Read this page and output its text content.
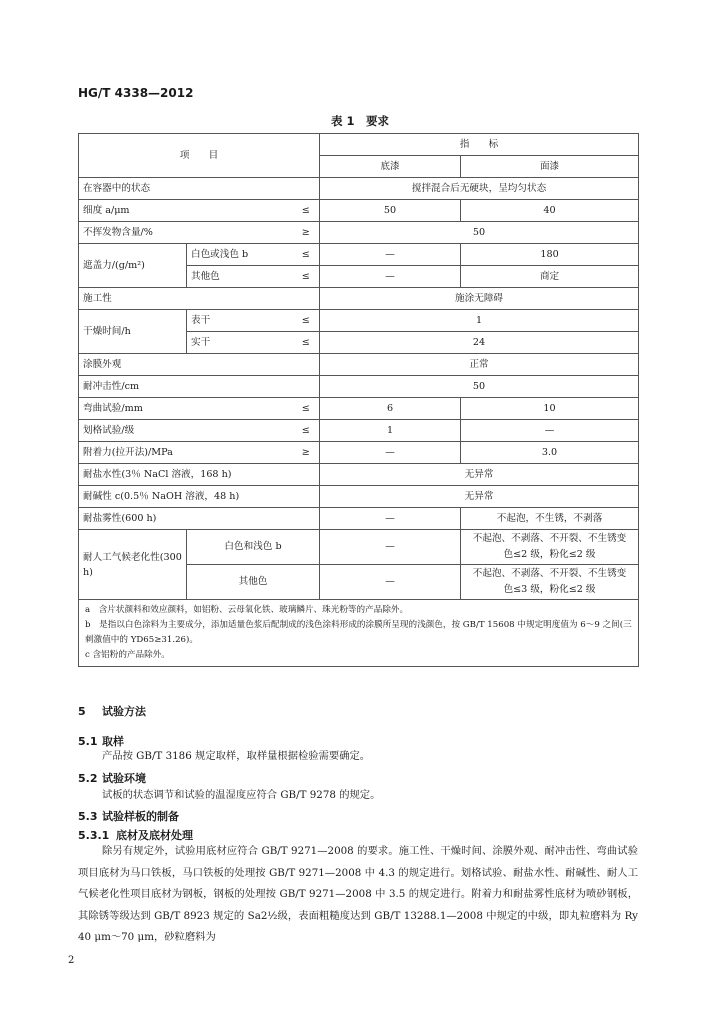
HG/T 4338—2012
表 1　要求
项　　目			指　　标	
			底漆	面漆
在容器中的状态			搅拌混合后无硬块，呈均匀状态	
细度 a/μm		≤	50	40
不挥发物含量/%		≥	50	
遮盖力/(g/m²)	白色或浅色 b	≤	—	180
	其他色	≤	—	商定
施工性			施涂无障碍	
干燥时间/h	表干	≤	1	
	实干	≤	24	
涂膜外观			正常	
耐冲击性/cm			50	
弯曲试验/mm		≤	6	10
划格试验/级		≤	1	—
附着力(拉开法)/MPa		≥	—	3.0
耐盐水性(3％ NaCl 溶液，168 h)			无异常	
耐碱性 c(0.5％ NaOH 溶液，48 h)			无异常	
耐盐雾性(600 h)			—	不起泡，不生锈，不剥落
耐人工气候老化性(300 h)	白色和浅色 b		—	不起泡、不剥落、不开裂、不生锈变色≤2 级，粉化≤2 级
	其他色		—	不起泡、不剥落、不开裂、不生锈变色≤3 级，粉化≤2 级

a　含片状颜料和效应颜料，如铝粉、云母氧化铁、玻璃鳞片、珠光粉等的产品除外。
b　是指以白色涂料为主要成分，添加适量色浆后配制成的浅色涂料形成的涂膜所呈现的浅颜色，按 GB/T 15608 中规定明度值为 6～9 之间(三刺激值中的 YD65≥31.26)。
c 含铝粉的产品除外。				
5 试验方法
5.1 取样
产品按 GB/T 3186 规定取样，取样量根据检验需要确定。
5.2 试验环境
试板的状态调节和试验的温湿度应符合 GB/T 9278 的规定。
5.3 试验样板的制备
5.3.1 底材及底材处理
除另有规定外，试验用底材应符合 GB/T 9271—2008 的要求。施工性、干燥时间、涂膜外观、耐冲击性、弯曲试验项目底材为马口铁板，马口铁板的处理按 GB/T 9271—2008 中 4.3 的规定进行。划格试验、耐盐水性、耐碱性、耐人工气候老化性项目底材为钢板，钢板的处理按 GB/T 9271—2008 中 3.5 的规定进行。附着力和耐盐雾性底材为喷砂钢板，其除锈等级达到 GB/T 8923 规定的 Sa2½级，表面粗糙度达到 GB/T 13288.1—2008 中规定的中级，即丸粒磨料为 Ry 40 μm～70 μm，砂粒磨料为
2
